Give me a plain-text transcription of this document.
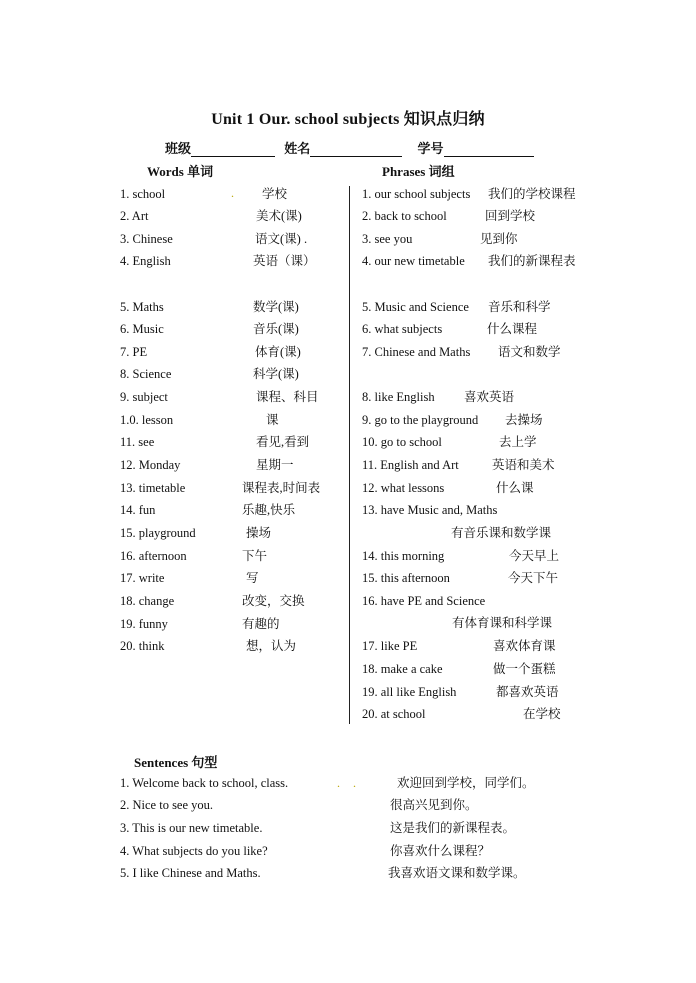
Unit 1 Our. school subjects 知识点归纳
班级	姓名	学号
Words 单词	Phrases 词组
1. school	学校
2. Art	美术(课)
3. Chinese	语文(课) .
4. English	英语（课）
5. Maths	数学(课)
6. Music	音乐(课)
7. PE	体育(课)
8. Science	科学(课)
9. subject	课程、科目
1.0. lesson	课
11. see	看见,看到
12. Monday	星期一
13. timetable	课程表,时间表
14. fun	乐趣,快乐
15. playground	操场
16. afternoon	下午
17. write	写
18. change	改变，交换
19. funny	有趣的
20. think	想，认为
1. our school subjects 我们的学校课程
2. back to school	回到学校
3. see you	见到你
4. our new timetable 我们的新课程表
5. Music and Science 音乐和科学
6. what subjects	什么课程
7. Chinese and Maths 语文和数学
8. like English 喜欢英语
9. go to the playground 去操场
10. go to school	去上学
11. English and Art	英语和美术
12. what lessons	什么课
13. have Music and, Maths
有音乐课和数学课
14. this morning	今天早上
15. this afternoon	今天下午
16. have PE and Science
有体育课和科学课
17. like PE	喜欢体育课
18. make a cake	做一个蛋糕
19. all like English	都喜欢英语
20. at school	在学校
Sentences 句型
1. Welcome back to school, class.	欢迎回到学校，同学们。
2. Nice to see you.	很高兴见到你。
3. This is our new timetable.	这是我们的新课程表。
4. What subjects do you like?	你喜欢什么课程？
5. I like Chinese and Maths.	我喜欢语文课和数学课。
.
. .
